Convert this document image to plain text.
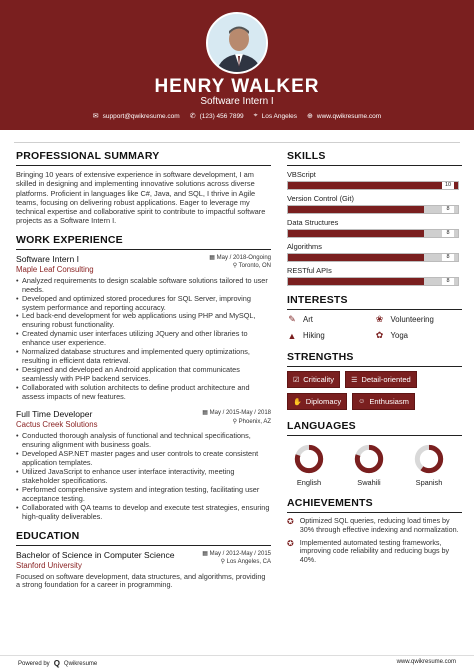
HENRY WALKER
Software Intern I
✉ support@qwikresume.com ✆ (123) 456 7899 ⌖ Los Angeles ⊕ www.qwikresume.com
PROFESSIONAL SUMMARY

Bringing 10 years of extensive experience in software development, I am skilled in designing and implementing innovative solutions across diverse platforms. Proficient in languages like C#, Java, and SQL, I thrive in Agile teams, focusing on delivering robust applications. Eager to leverage my technical expertise and collaborative spirit to contribute to impactful software projects as a Software Intern I.

WORK EXPERIENCE
Software Intern I
Maple Leaf Consulting
▦ May / 2018-Ongoing
⚲ Toronto, ON
• Analyzed requirements to design scalable software solutions tailored to user needs.
• Developed and optimized stored procedures for SQL Server, improving system performance and reporting accuracy.
• Led back-end development for web applications using PHP and MySQL, ensuring robust functionality.
• Created dynamic user interfaces utilizing JQuery and other libraries to enhance user experience.
• Normalized database structures and implemented query optimizations, resulting in efficient data retrieval.
• Designed and developed an Android application that communicates seamlessly with PHP backend services.
• Collaborated with solution architects to define product architecture and assess impacts of new features.
Full Time Developer
Cactus Creek Solutions
▦ May / 2015-May / 2018
⚲ Phoenix, AZ
• Conducted thorough analysis of functional and technical specifications, ensuring alignment with business goals.
• Developed ASP.NET master pages and user controls to create consistent application templates.
• Utilized JavaScript to enhance user interface interactivity, meeting stakeholder specifications.
• Performed comprehensive system and integration testing, facilitating user acceptance testing.
• Collaborated with QA teams to develop and execute test strategies, ensuring high-quality deliverables.
EDUCATION
Bachelor of Science in Computer Science
Stanford University
▦ May / 2012-May / 2015
⚲ Los Angeles, CA

Focused on software development, data structures, and algorithms, providing a strong foundation for a career in programming.

SKILLS
VBScript
10
Version Control (Git)
8
Data Structures
8
Algorithms
8
RESTful APIs
8
INTERESTS
✎ Art	❀ Volunteering
▲ Hiking	✿ Yoga
STRENGTHS
☑ Criticality ☰ Detail-oriented
✋ Diplomacy ☺ Enthusiasm
LANGUAGES
English	Swahili	Spanish
ACHIEVEMENTS
✪ Optimized SQL queries, reducing load times by 30% through effective indexing and normalization.

✪ Implemented automated testing frameworks, improving code reliability and reducing bugs by 40%.

Powered by Q Qwikresume	www.qwikresume.com
